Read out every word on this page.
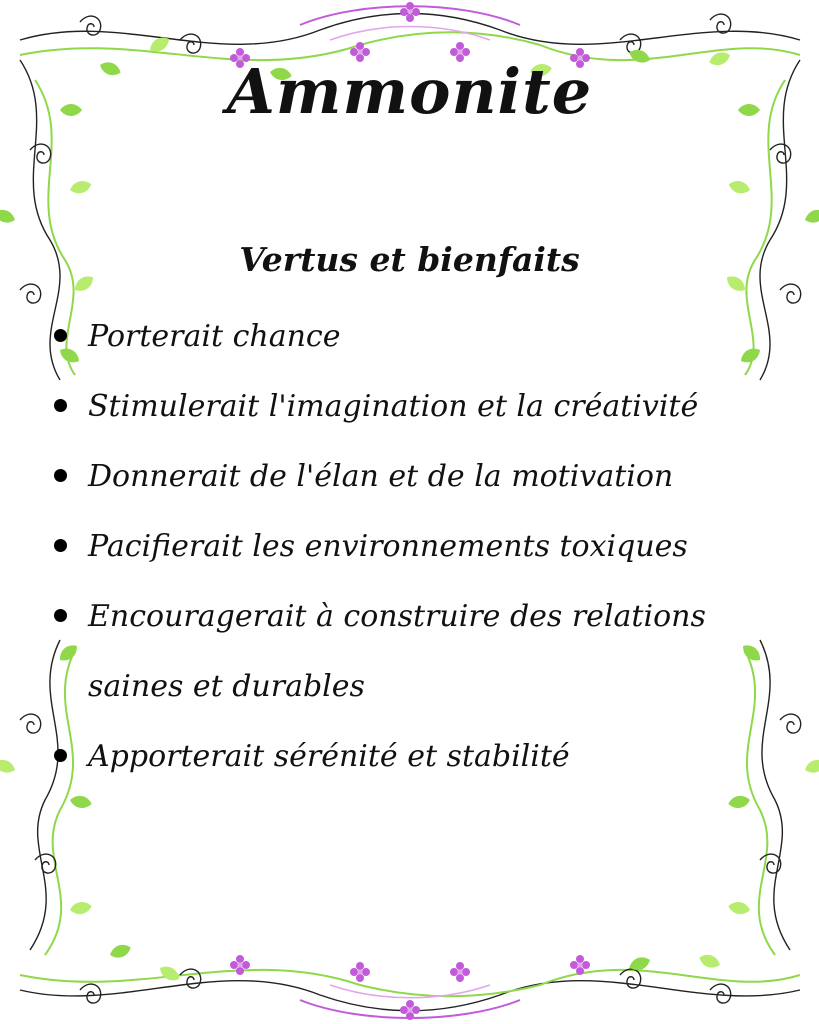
Ammonite
Vertus et bienfaits
Porterait chance
Stimulerait l'imagination et la créativité
Donnerait de l'élan et de la motivation
Pacifierait les environnements toxiques
Encouragerait à construire des relations saines et durables
Apporterait sérénité et stabilité
